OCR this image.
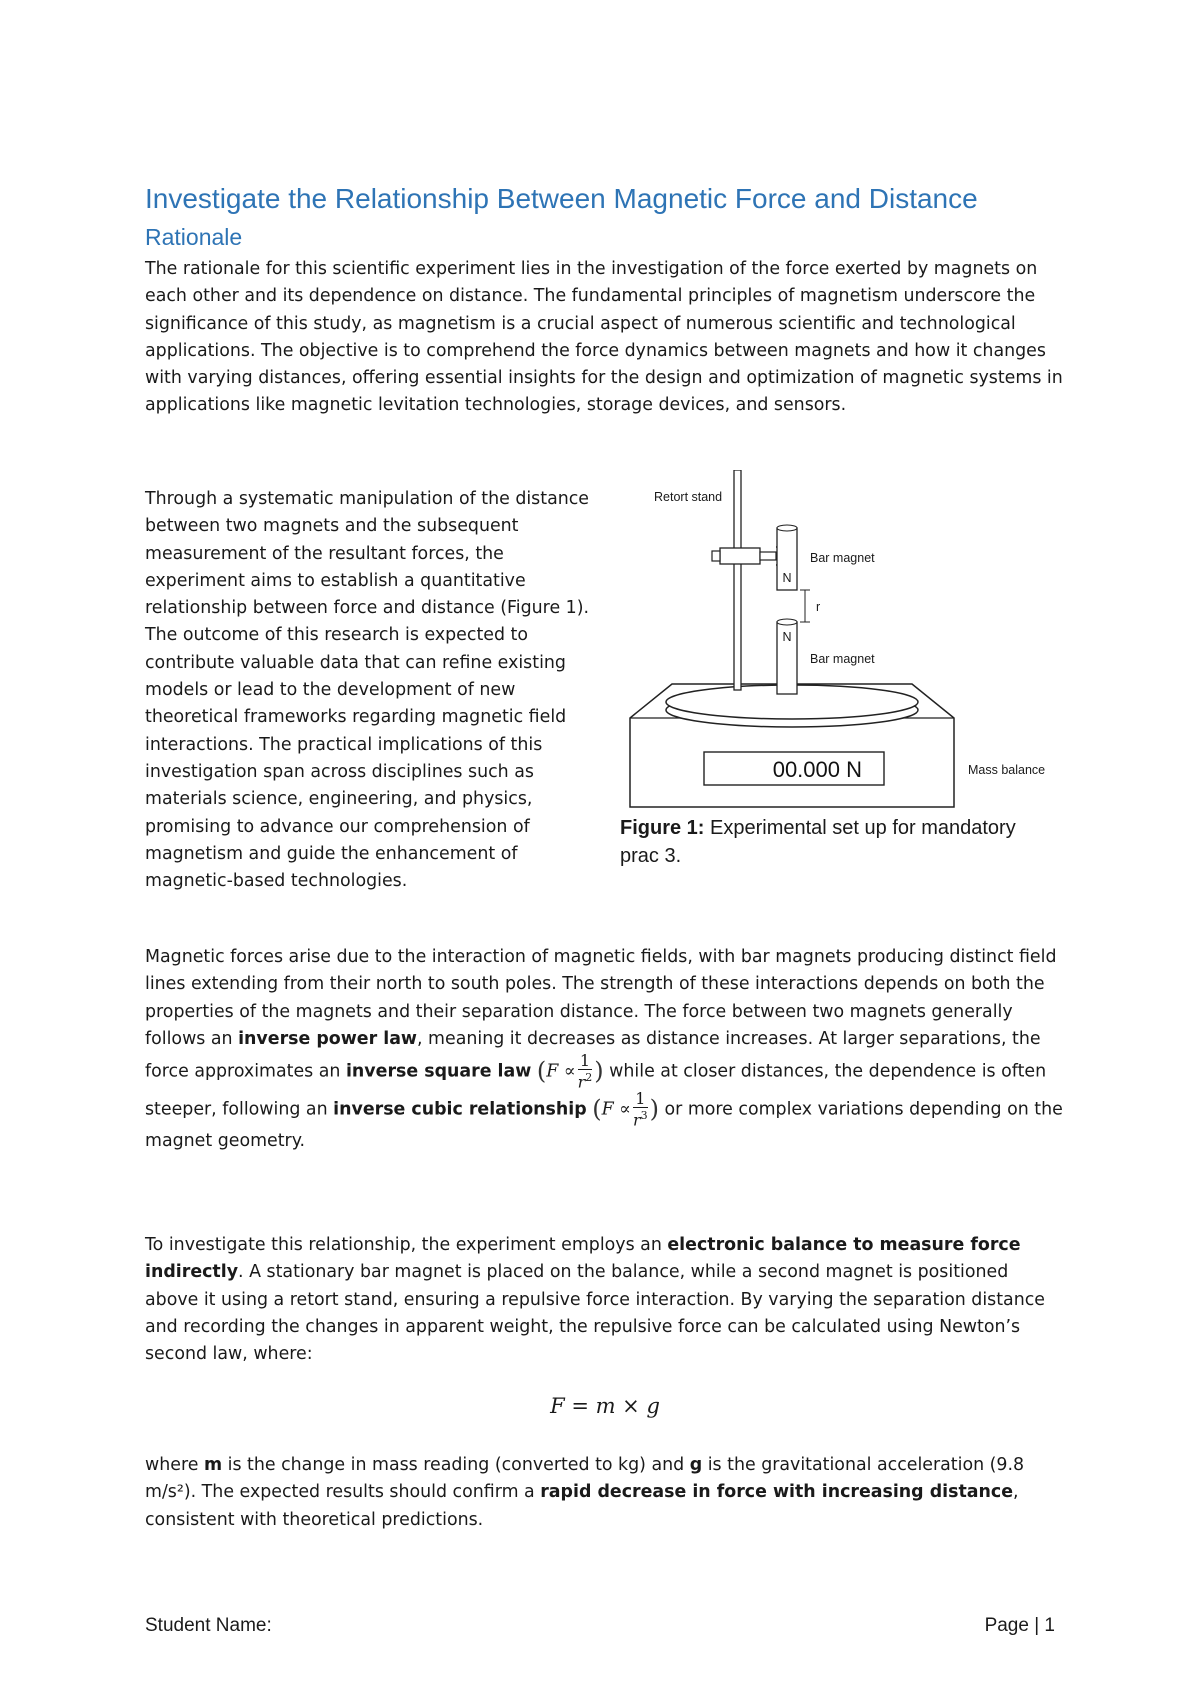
Investigate the Relationship Between Magnetic Force and Distance
Rationale

The rationale for this scientific experiment lies in the investigation of the force exerted by magnets on each other and its dependence on distance. The fundamental principles of magnetism underscore the significance of this study, as magnetism is a crucial aspect of numerous scientific and technological applications. The objective is to comprehend the force dynamics between magnets and how it changes with varying distances, offering essential insights for the design and optimization of magnetic systems in applications like magnetic levitation technologies, storage devices, and sensors.

Through a systematic manipulation of the distance between two magnets and the subsequent measurement of the resultant forces, the experiment aims to establish a quantitative relationship between force and distance (Figure 1). The outcome of this research is expected to contribute valuable data that can refine existing models or lead to the development of new theoretical frameworks regarding magnetic field interactions. The practical implications of this investigation span across disciplines such as materials science, engineering, and physics, promising to advance our comprehension of magnetism and guide the enhancement of magnetic-based technologies.

00.000 N
N
r
N
Retort stand
Bar magnet
Bar magnet
Mass balance

Figure 1: Experimental set up for mandatory prac 3.

Magnetic forces arise due to the interaction of magnetic fields, with bar magnets producing distinct field lines extending from their north to south poles. The strength of these interactions depends on both the properties of the magnets and their separation distance. The force between two magnets generally follows an inverse power law, meaning it decreases as distance increases. At larger separations, the force approximates an inverse square law ($F \propto \frac{1}{r^2}$ ) while at closer distances, the dependence is often steeper, following an inverse cubic relationship ($F \propto \frac{1}{r^3}$ ) or more complex variations depending on the magnet geometry.

To investigate this relationship, the experiment employs an electronic balance to measure force indirectly. A stationary bar magnet is placed on the balance, while a second magnet is positioned above it using a retort stand, ensuring a repulsive force interaction. By varying the separation distance and recording the changes in apparent weight, the repulsive force can be calculated using Newton’s second law, where:

F = m × g

where m is the change in mass reading (converted to kg) and g is the gravitational acceleration (9.8 m/s²). The expected results should confirm a rapid decrease in force with increasing distance, consistent with theoretical predictions.

Student Name:	Page | 1
